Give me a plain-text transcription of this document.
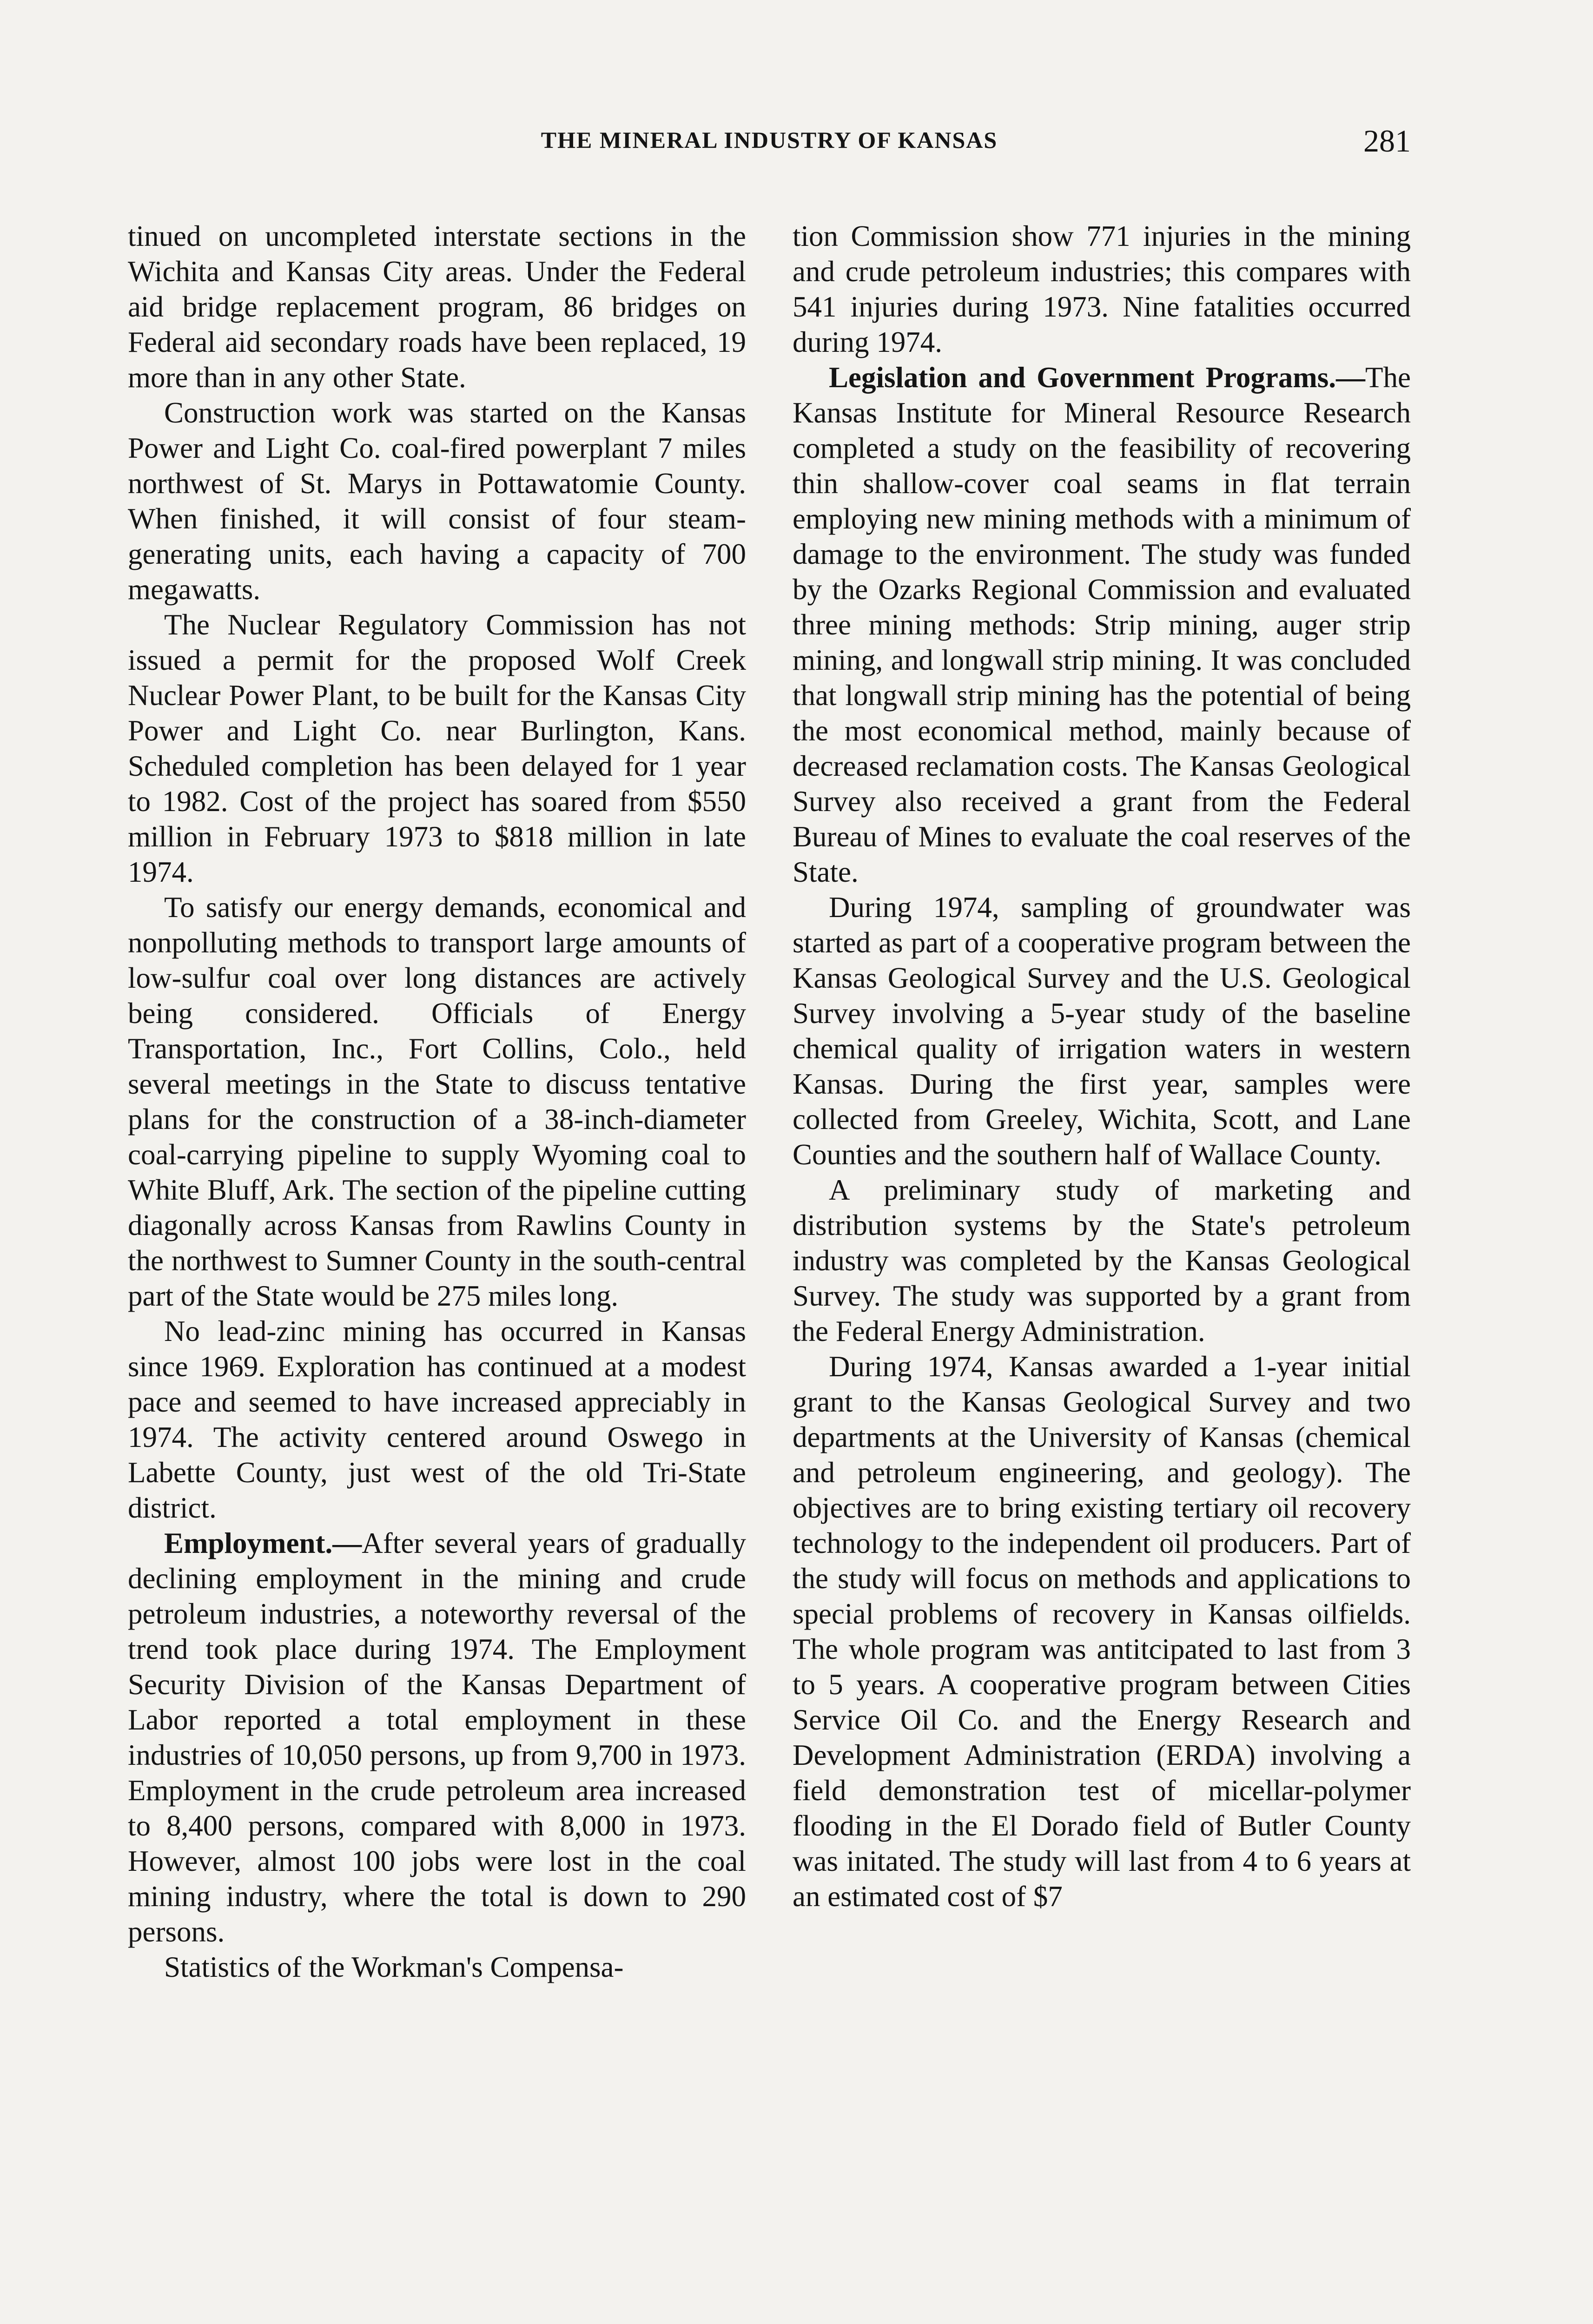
THE MINERAL INDUSTRY OF KANSAS	281

tinued on uncompleted interstate sections in the Wichita and Kansas City areas. Under the Federal aid bridge replacement program, 86 bridges on Federal aid secondary roads have been replaced, 19 more than in any other State.

Construction work was started on the Kansas Power and Light Co. coal-fired powerplant 7 miles northwest of St. Marys in Pottawatomie County. When finished, it will consist of four steam-generating units, each having a capacity of 700 megawatts.

The Nuclear Regulatory Commission has not issued a permit for the proposed Wolf Creek Nuclear Power Plant, to be built for the Kansas City Power and Light Co. near Burlington, Kans. Scheduled completion has been delayed for 1 year to 1982. Cost of the project has soared from $550 million in February 1973 to $818 million in late 1974.

To satisfy our energy demands, economical and nonpolluting methods to transport large amounts of low-sulfur coal over long distances are actively being considered. Officials of Energy Transportation, Inc., Fort Collins, Colo., held several meetings in the State to discuss tentative plans for the construction of a 38-inch-diameter coal-carrying pipeline to supply Wyoming coal to White Bluff, Ark. The section of the pipeline cutting diagonally across Kansas from Rawlins County in the northwest to Sumner County in the south-central part of the State would be 275 miles long.

No lead-zinc mining has occurred in Kansas since 1969. Exploration has continued at a modest pace and seemed to have increased appreciably in 1974. The activity centered around Oswego in Labette County, just west of the old Tri-State district.

Employment.—After several years of gradually declining employment in the mining and crude petroleum industries, a noteworthy reversal of the trend took place during 1974. The Employment Security Division of the Kansas Department of Labor reported a total employment in these industries of 10,050 persons, up from 9,700 in 1973. Employment in the crude petroleum area increased to 8,400 persons, compared with 8,000 in 1973. However, almost 100 jobs were lost in the coal mining industry, where the total is down to 290 persons.

Statistics of the Workman's Compensa-

tion Commission show 771 injuries in the mining and crude petroleum industries; this compares with 541 injuries during 1973. Nine fatalities occurred during 1974.

Legislation and Government Programs.—The Kansas Institute for Mineral Resource Research completed a study on the feasibility of recovering thin shallow-cover coal seams in flat terrain employing new mining methods with a minimum of damage to the environment. The study was funded by the Ozarks Regional Commission and evaluated three mining methods: Strip mining, auger strip mining, and longwall strip mining. It was concluded that longwall strip mining has the potential of being the most economical method, mainly because of decreased reclamation costs. The Kansas Geological Survey also received a grant from the Federal Bureau of Mines to evaluate the coal reserves of the State.

During 1974, sampling of groundwater was started as part of a cooperative program between the Kansas Geological Survey and the U.S. Geological Survey involving a 5-year study of the baseline chemical quality of irrigation waters in western Kansas. During the first year, samples were collected from Greeley, Wichita, Scott, and Lane Counties and the southern half of Wallace County.

A preliminary study of marketing and distribution systems by the State's petroleum industry was completed by the Kansas Geological Survey. The study was supported by a grant from the Federal Energy Administration.

During 1974, Kansas awarded a 1-year initial grant to the Kansas Geological Survey and two departments at the University of Kansas (chemical and petroleum engineering, and geology). The objectives are to bring existing tertiary oil recovery technology to the independent oil producers. Part of the study will focus on methods and applications to special problems of recovery in Kansas oilfields. The whole program was antitcipated to last from 3 to 5 years. A cooperative program between Cities Service Oil Co. and the Energy Research and Development Administration (ERDA) involving a field demonstration test of micellar-polymer flooding in the El Dorado field of Butler County was initated. The study will last from 4 to 6 years at an estimated cost of $7
